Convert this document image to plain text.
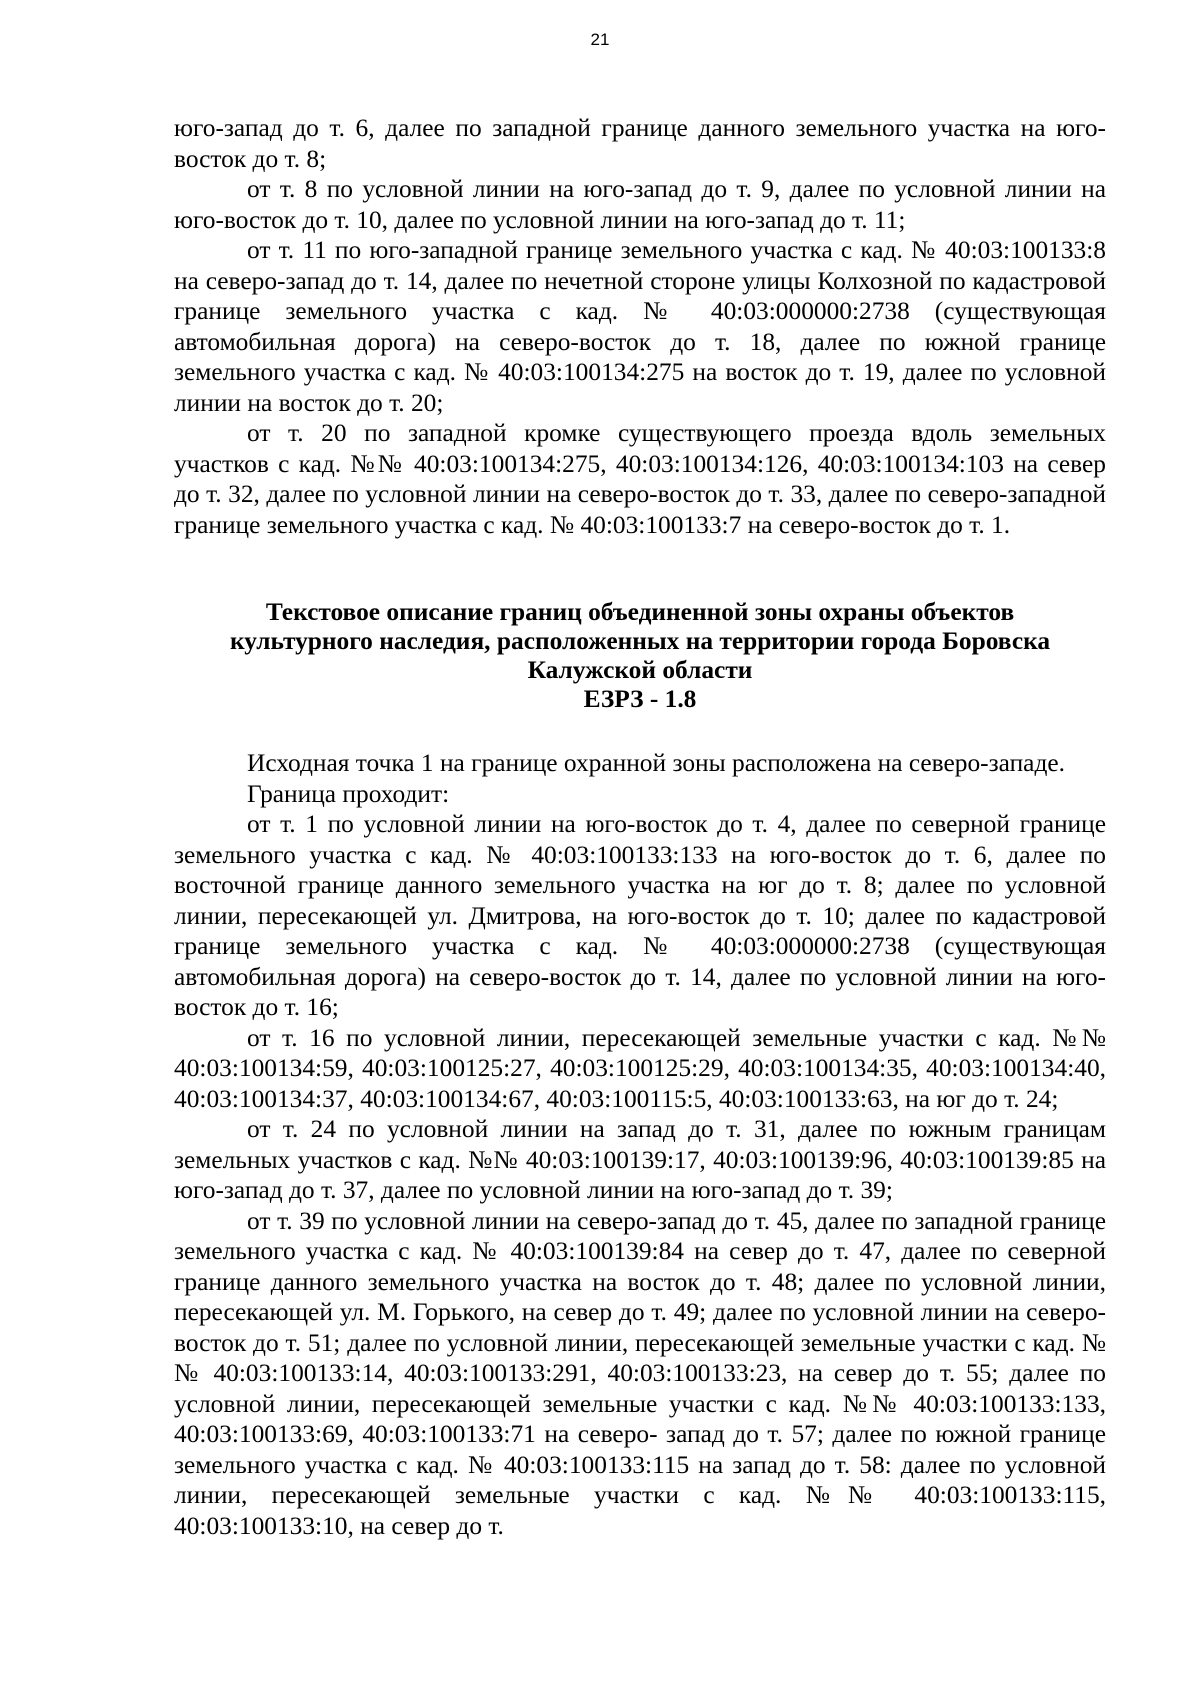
21

юго-запад до т. 6, далее по западной границе данного земельного участка на юго-восток до т. 8;

от т. 8 по условной линии на юго-запад до т. 9, далее по условной линии на юго-восток до т. 10, далее по условной линии на юго-запад до т. 11;

от т. 11 по юго-западной границе земельного участка с кад. № 40:03:100133:8 на северо-запад до т. 14, далее по нечетной стороне улицы Колхозной по кадастровой границе земельного участка с кад. № 40:03:000000:2738 (существующая автомобильная дорога) на северо-восток до т. 18, далее по южной границе земельного участка с кад. № 40:03:100134:275 на восток до т. 19, далее по условной линии на восток до т. 20;

от т. 20 по западной кромке существующего проезда вдоль земельных участков с кад. №№ 40:03:100134:275, 40:03:100134:126, 40:03:100134:103 на север до т. 32, далее по условной линии на северо-восток до т. 33, далее по северо-западной границе земельного участка с кад. № 40:03:100133:7 на северо-восток до т. 1.

Текстовое описание границ объединенной зоны охраны объектов
культурного наследия, расположенных на территории города Боровска
Калужской области
ЕЗРЗ - 1.8

Исходная точка 1 на границе охранной зоны расположена на северо-западе.

Граница проходит:

от т. 1 по условной линии на юго-восток до т. 4, далее по северной границе земельного участка с кад. № 40:03:100133:133 на юго-восток до т. 6, далее по восточной границе данного земельного участка на юг до т. 8; далее по условной линии, пересекающей ул. Дмитрова, на юго-восток до т. 10; далее по кадастровой границе земельного участка с кад. № 40:03:000000:2738 (существующая автомобильная дорога) на северо-восток до т. 14, далее по условной линии на юго-восток до т. 16;

от т. 16 по условной линии, пересекающей земельные участки с кад. №№ 40:03:100134:59, 40:03:100125:27, 40:03:100125:29, 40:03:100134:35, 40:03:100134:40, 40:03:100134:37, 40:03:100134:67, 40:03:100115:5, 40:03:100133:63, на юг до т. 24;

от т. 24 по условной линии на запад до т. 31, далее по южным границам земельных участков с кад. №№ 40:03:100139:17, 40:03:100139:96, 40:03:100139:85 на юго-запад до т. 37, далее по условной линии на юго-запад до т. 39;

от т. 39 по условной линии на северо-запад до т. 45, далее по западной границе земельного участка с кад. № 40:03:100139:84 на север до т. 47, далее по северной границе данного земельного участка на восток до т. 48; далее по условной линии, пересекающей ул. М. Горького, на север до т. 49; далее по условной линии на северо-восток до т. 51; далее по условной линии, пересекающей земельные участки с кад. №№ 40:03:100133:14, 40:03:100133:291, 40:03:100133:23, на север до т. 55; далее по условной линии, пересекающей земельные участки с кад. №№ 40:03:100133:133, 40:03:100133:69, 40:03:100133:71 на северо- запад до т. 57; далее по южной границе земельного участка с кад. № 40:03:100133:115 на запад до т. 58: далее по условной линии, пересекающей земельные участки с кад. №№ 40:03:100133:115, 40:03:100133:10, на север до т.
